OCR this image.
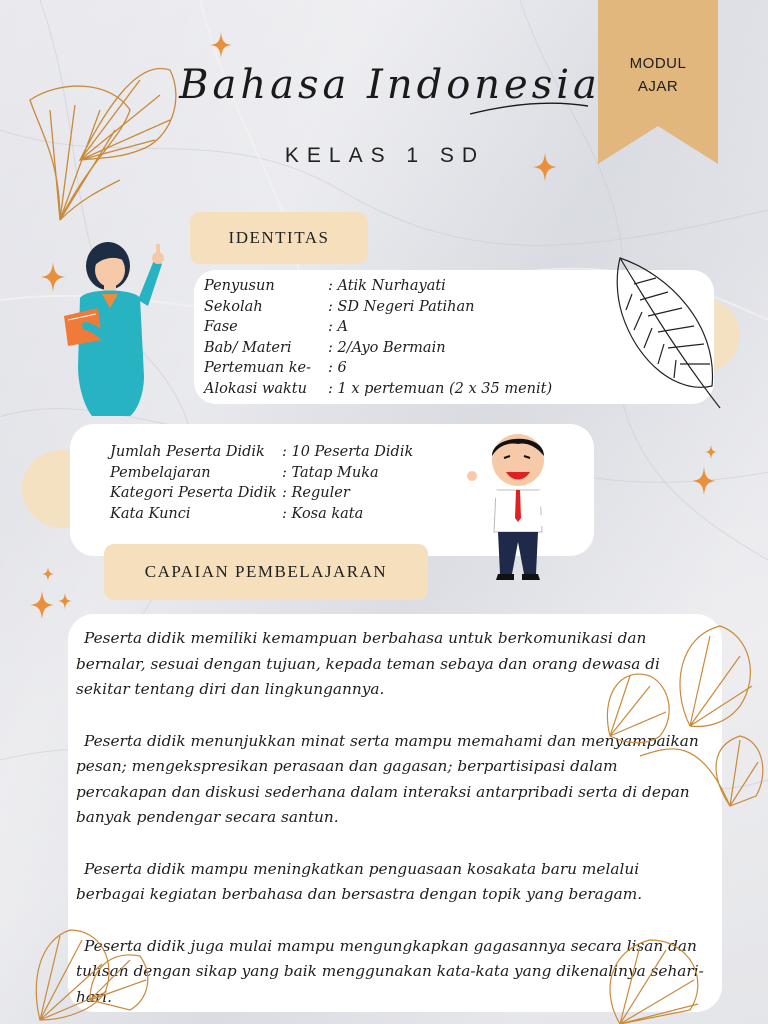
MODUL
AJAR
Bahasa Indonesia
KELAS 1 SD
IDENTITAS
Penyusun	: Atik Nurhayati
Sekolah	: SD Negeri Patihan
Fase	: A
Bab/ Materi	: 2/Ayo Bermain
Pertemuan ke- : 6
Alokasi waktu : 1 x pertemuan (2 x 35 menit)
Jumlah Peserta Didik : 10 Peserta Didik
Pembelajaran	: Tatap Muka
Kategori Peserta Didik : Reguler
Kata Kunci	: Kosa kata
CAPAIAN PEMBELAJARAN

Peserta didik memiliki kemampuan berbahasa untuk berkomunikasi dan bernalar, sesuai dengan tujuan, kepada teman sebaya dan orang dewasa di sekitar tentang diri dan lingkungannya.

Peserta didik menunjukkan minat serta mampu memahami dan menyampaikan pesan; mengekspresikan perasaan dan gagasan; berpartisipasi dalam percakapan dan diskusi sederhana dalam interaksi antarpribadi serta di depan banyak pendengar secara santun.

Peserta didik mampu meningkatkan penguasaan kosakata baru melalui berbagai kegiatan berbahasa dan bersastra dengan topik yang beragam.

Peserta didik juga mulai mampu mengungkapkan gagasannya secara lisan dan tulisan dengan sikap yang baik menggunakan kata-kata yang dikenalinya sehari-hari.
